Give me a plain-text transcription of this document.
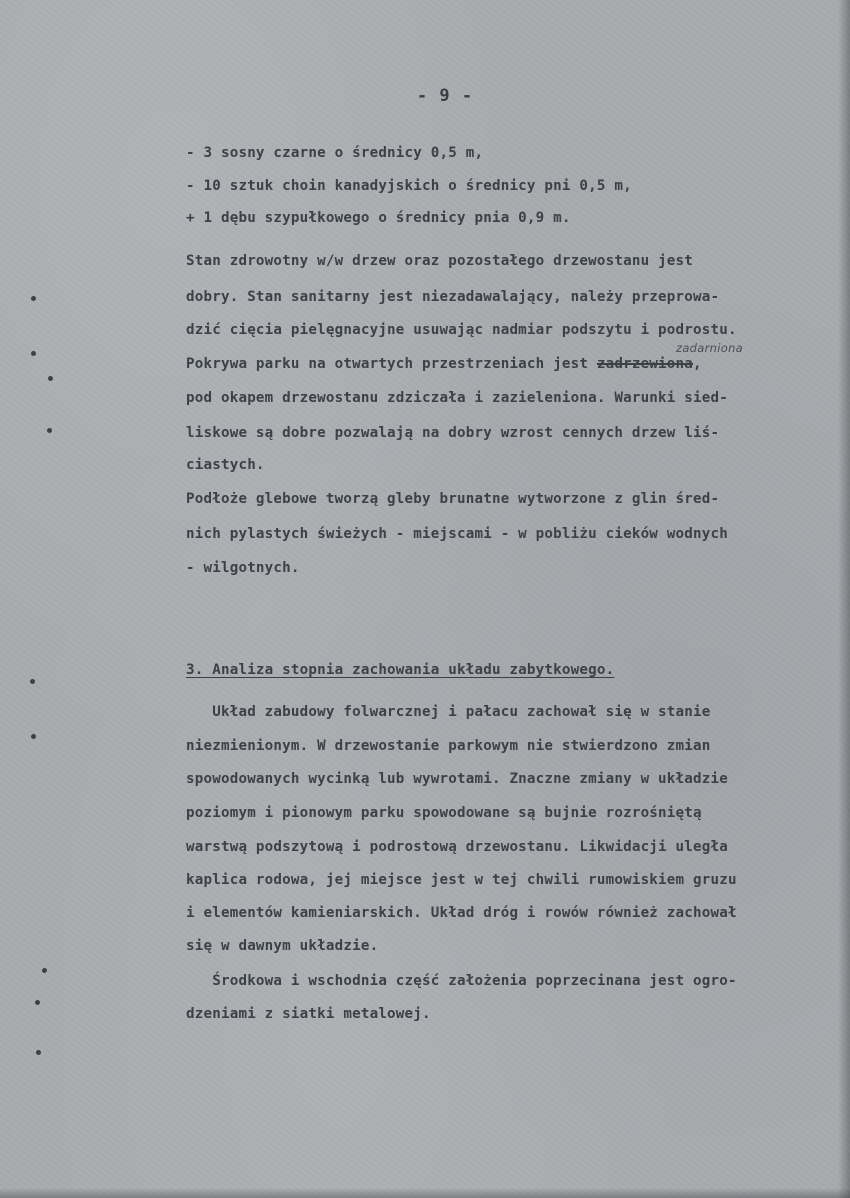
- 9 -
- 3 sosny czarne o średnicy 0,5 m,
- 10 sztuk choin kanadyjskich o średnicy pni 0,5 m,
+ 1 dębu szypułkowego o średnicy pnia 0,9 m.
Stan zdrowotny w/w drzew oraz pozostałego drzewostanu jest
dobry. Stan sanitarny jest niezadawalający, należy przeprowa-
dzić cięcia pielęgnacyjne usuwając nadmiar podszytu i podrostu.
Pokrywa parku na otwartych przestrzeniach jest zadrzewiona,
zadarniona
pod okapem drzewostanu zdziczała i zazieleniona. Warunki sied-
liskowe są dobre pozwalają na dobry wzrost cennych drzew liś-
ciastych.
Podłoże glebowe tworzą gleby brunatne wytworzone z glin śred-
nich pylastych świeżych - miejscami - w pobliżu cieków wodnych
- wilgotnych.
3. Analiza stopnia zachowania układu zabytkowego.
Układ zabudowy folwarcznej i pałacu zachował się w stanie
niezmienionym. W drzewostanie parkowym nie stwierdzono zmian
spowodowanych wycinką lub wywrotami. Znaczne zmiany w układzie
poziomym i pionowym parku spowodowane są bujnie rozrośniętą
warstwą podszytową i podrostową drzewostanu. Likwidacji uległa
kaplica rodowa, jej miejsce jest w tej chwili rumowiskiem gruzu
i elementów kamieniarskich. Układ dróg i rowów również zachował
się w dawnym układzie.
Środkowa i wschodnia część założenia poprzecinana jest ogro-
dzeniami z siatki metalowej.
